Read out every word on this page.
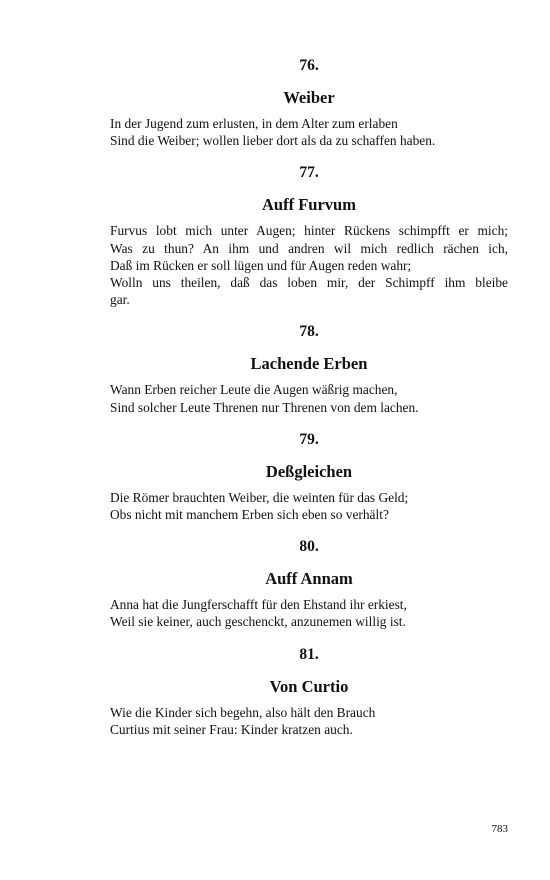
76.
Weiber
In der Jugend zum erlusten, in dem Alter zum erlaben
Sind die Weiber; wollen lieber dort als da zu schaffen haben.
77.
Auff Furvum
Furvus lobt mich unter Augen; hinter Rückens schimpfft er mich;
Was zu thun? An ihm und andren wil mich redlich rächen ich,
Daß im Rücken er soll lügen und für Augen reden wahr;
Wolln uns theilen, daß das loben mir, der Schimpff ihm bleibe
gar.
78.
Lachende Erben
Wann Erben reicher Leute die Augen wäßrig machen,
Sind solcher Leute Threnen nur Threnen von dem lachen.
79.
Deßgleichen
Die Römer brauchten Weiber, die weinten für das Geld;
Obs nicht mit manchem Erben sich eben so verhält?
80.
Auff Annam
Anna hat die Jungferschafft für den Ehstand ihr erkiest,
Weil sie keiner, auch geschenckt, anzunemen willig ist.
81.
Von Curtio
Wie die Kinder sich begehn, also hält den Brauch
Curtius mit seiner Frau: Kinder kratzen auch.
783
